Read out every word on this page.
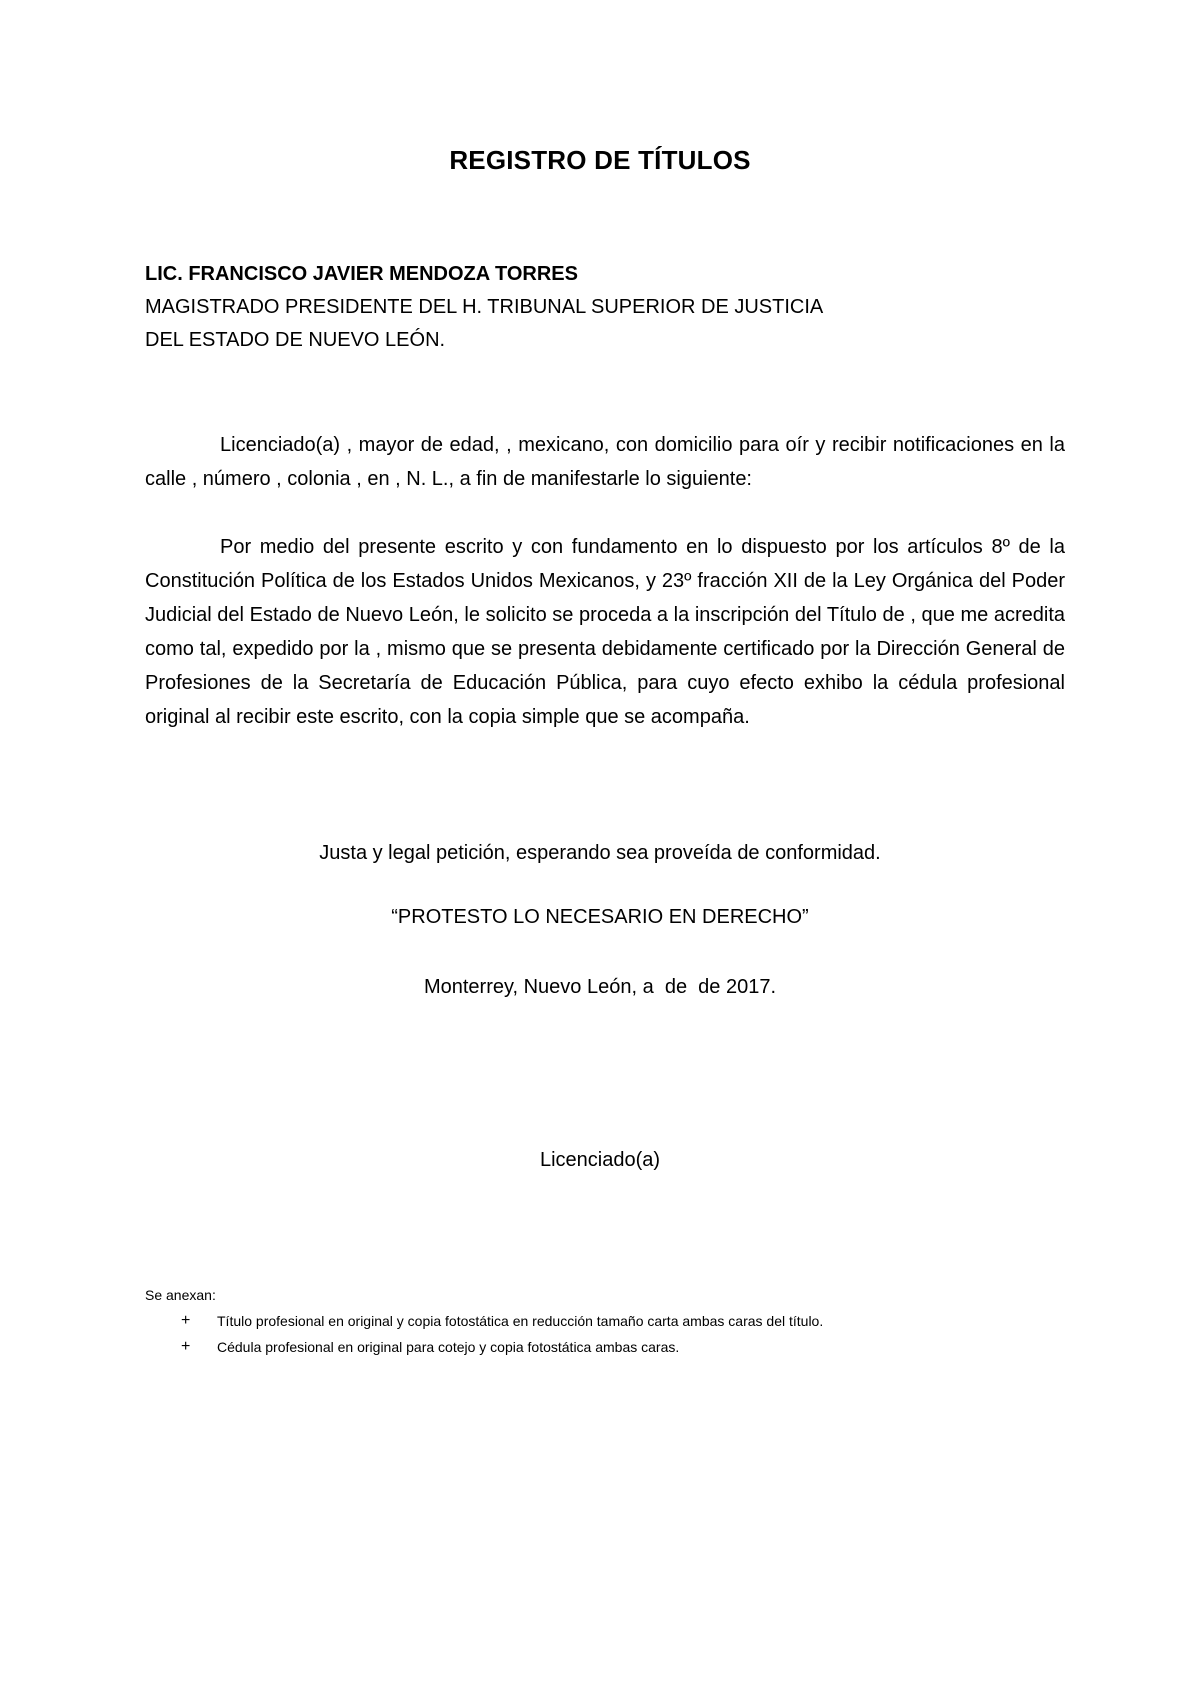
REGISTRO DE TÍTULOS
LIC. FRANCISCO JAVIER MENDOZA TORRES
MAGISTRADO PRESIDENTE DEL H. TRIBUNAL SUPERIOR DE JUSTICIA
DEL ESTADO DE NUEVO LEÓN.

Licenciado(a) , mayor de edad, , mexicano, con domicilio para oír y recibir notificaciones en la calle , número , colonia , en , N. L., a fin de manifestarle lo siguiente:

Por medio del presente escrito y con fundamento en lo dispuesto por los artículos 8º de la Constitución Política de los Estados Unidos Mexicanos, y 23º fracción XII de la Ley Orgánica del Poder Judicial del Estado de Nuevo León, le solicito se proceda a la inscripción del Título de , que me acredita como tal, expedido por la , mismo que se presenta debidamente certificado por la Dirección General de Profesiones de la Secretaría de Educación Pública, para cuyo efecto exhibo la cédula profesional original al recibir este escrito, con la copia simple que se acompaña.

Justa y legal petición, esperando sea proveída de conformidad.
“PROTESTO LO NECESARIO EN DERECHO”
Monterrey, Nuevo León, a  de  de 2017.
Licenciado(a)
Se anexan:
+ Título profesional en original y copia fotostática en reducción tamaño carta ambas caras del título.
+ Cédula profesional en original para cotejo y copia fotostática ambas caras.
